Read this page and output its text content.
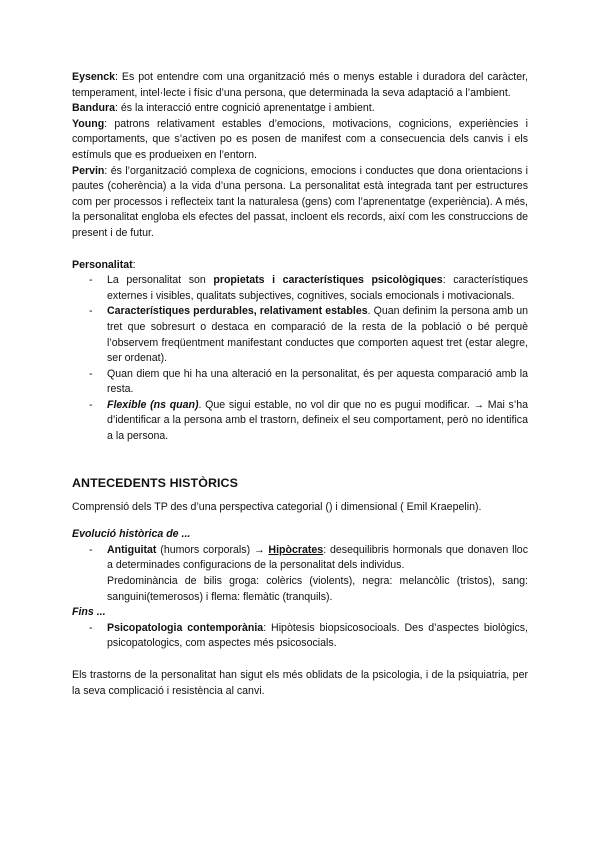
Eysenck: Es pot entendre com una organització més o menys estable i duradora del caràcter, temperament, intel·lecte i físic d’una persona, que determinada la seva adaptació a l’ambient.

Bandura: és la interacció entre cognició aprenentatge i ambient.

Young: patrons relativament estables d’emocions, motivacions, cognicions, experiències i comportaments, que s’activen po es posen de manifest com a consecuencia dels canvis i els estímuls que es produeixen en l’entorn.

Pervin: és l’organització complexa de cognicions, emocions i conductes que dona orientacions i pautes (coherència) a la vida d’una persona. La personalitat està integrada tant per estructures com per processos i reflecteix tant la naturalesa (gens) com l’aprenentatge (experiència). A més, la personalitat engloba els efectes del passat, incloent els records, així com les construccions de present i de futur.

Personalitat:

- La personalitat son propietats i característiques psicològiques: característiques externes i visibles, qualitats subjectives, cognitives, socials emocionals i motivacionals.
- Característiques perdurables, relativament estables. Quan definim la persona amb un tret que sobresurt o destaca en comparació de la resta de la població o bé perquè l’observem freqüentment manifestant conductes que comporten aquest tret (estar alegre, ser ordenat).
- Quan diem que hi ha una alteració en la personalitat, és per aquesta comparació amb la resta.
- Flexible (ns quan). Que sigui estable, no vol dir que no es pugui modificar. → Mai s’ha d’identificar a la persona amb el trastorn, defineix el seu comportament, però no identifica a la persona.

ANTECEDENTS HISTÒRICS

Comprensió dels TP des d’una perspectiva categorial () i dimensional ( Emil Kraepelin).

Evolució històrica de ...

- Antiguitat (humors corporals) → Hipòcrates: desequilibris hormonals que donaven lloc a determinades configuracions de la personalitat dels individus.

Predominància de bilis groga: colèrics (violents), negra: melancòlic (tristos), sang: sanguini(temerosos) i flema: flemàtic (tranquils).

Fins ...

- Psicopatologia contemporània: Hipòtesis biopsicosocioals. Des d’aspectes biològics, psicopatologics, com aspectes més psicosocials.

Els trastorns de la personalitat han sigut els més oblidats de la psicologia, i de la psiquiatria, per la seva complicació i resistència al canvi.
